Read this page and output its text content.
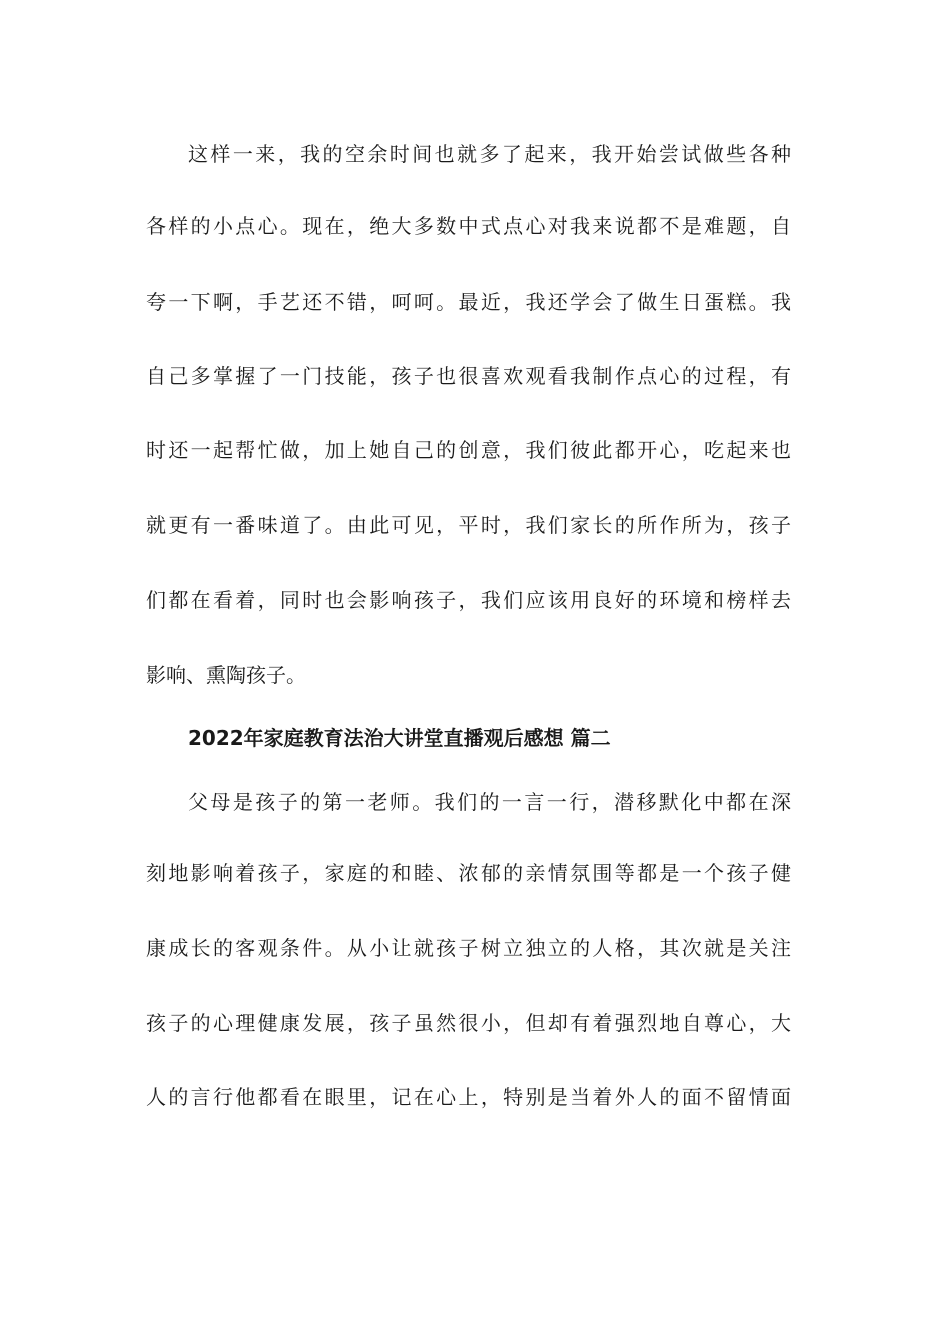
这样一来，我的空余时间也就多了起来，我开始尝试做些各种
各样的小点心。现在，绝大多数中式点心对我来说都不是难题，自
夸一下啊，手艺还不错，呵呵。最近，我还学会了做生日蛋糕。我
自己多掌握了一门技能，孩子也很喜欢观看我制作点心的过程，有
时还一起帮忙做，加上她自己的创意，我们彼此都开心，吃起来也
就更有一番味道了。由此可见，平时，我们家长的所作所为，孩子
们都在看着，同时也会影响孩子，我们应该用良好的环境和榜样去
影响、熏陶孩子。
2022年家庭教育法治大讲堂直播观后感想 篇二
父母是孩子的第一老师。我们的一言一行，潜移默化中都在深
刻地影响着孩子，家庭的和睦、浓郁的亲情氛围等都是一个孩子健
康成长的客观条件。从小让就孩子树立独立的人格，其次就是关注
孩子的心理健康发展，孩子虽然很小，但却有着强烈地自尊心，大
人的言行他都看在眼里，记在心上，特别是当着外人的面不留情面
